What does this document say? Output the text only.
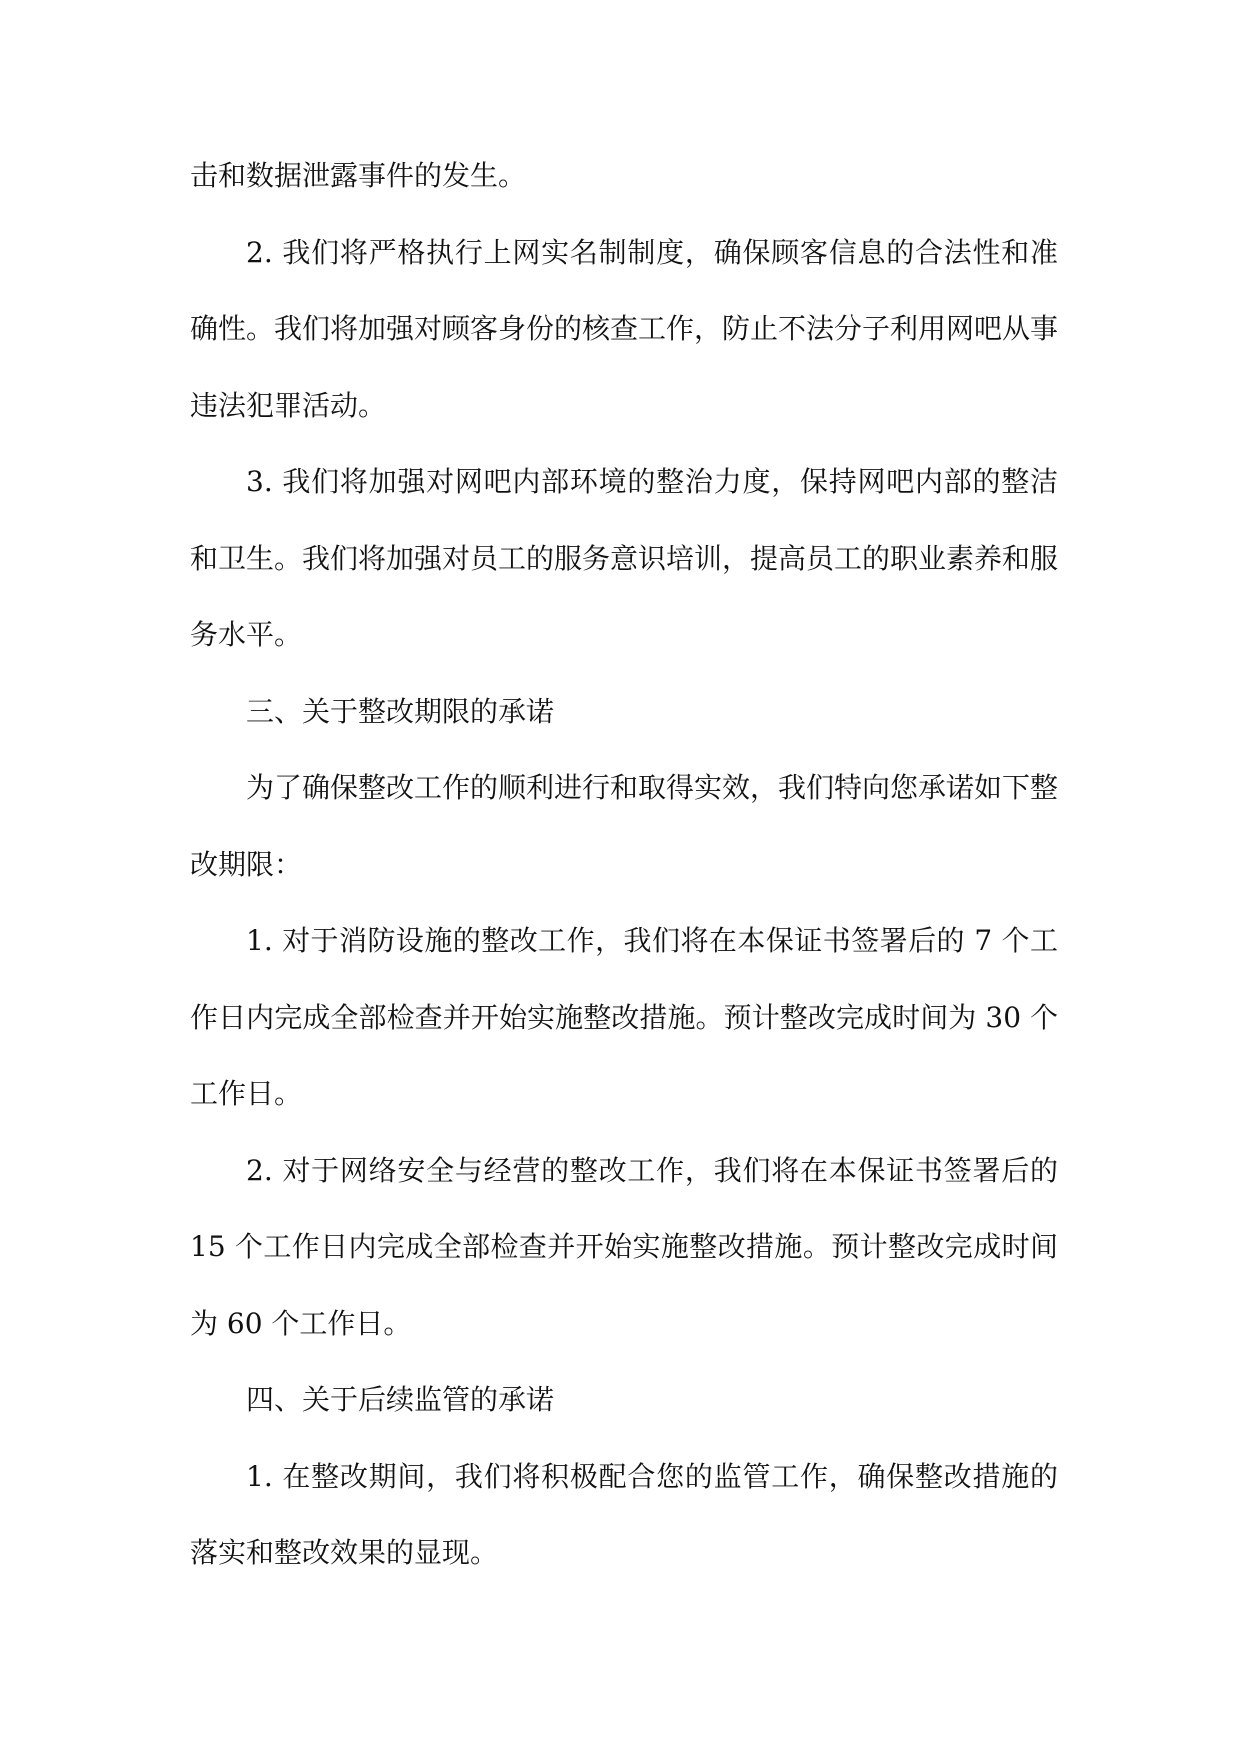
击和数据泄露事件的发生。

2. 我们将严格执行上网实名制制度，确保顾客信息的合法性和准确性。我们将加强对顾客身份的核查工作，防止不法分子利用网吧从事违法犯罪活动。

3. 我们将加强对网吧内部环境的整治力度，保持网吧内部的整洁和卫生。我们将加强对员工的服务意识培训，提高员工的职业素养和服务水平。

三、关于整改期限的承诺

为了确保整改工作的顺利进行和取得实效，我们特向您承诺如下整改期限：

1. 对于消防设施的整改工作，我们将在本保证书签署后的 7 个工作日内完成全部检查并开始实施整改措施。预计整改完成时间为 30 个工作日。

2. 对于网络安全与经营的整改工作，我们将在本保证书签署后的 15 个工作日内完成全部检查并开始实施整改措施。预计整改完成时间为 60 个工作日。

四、关于后续监管的承诺

1. 在整改期间，我们将积极配合您的监管工作，确保整改措施的落实和整改效果的显现。
